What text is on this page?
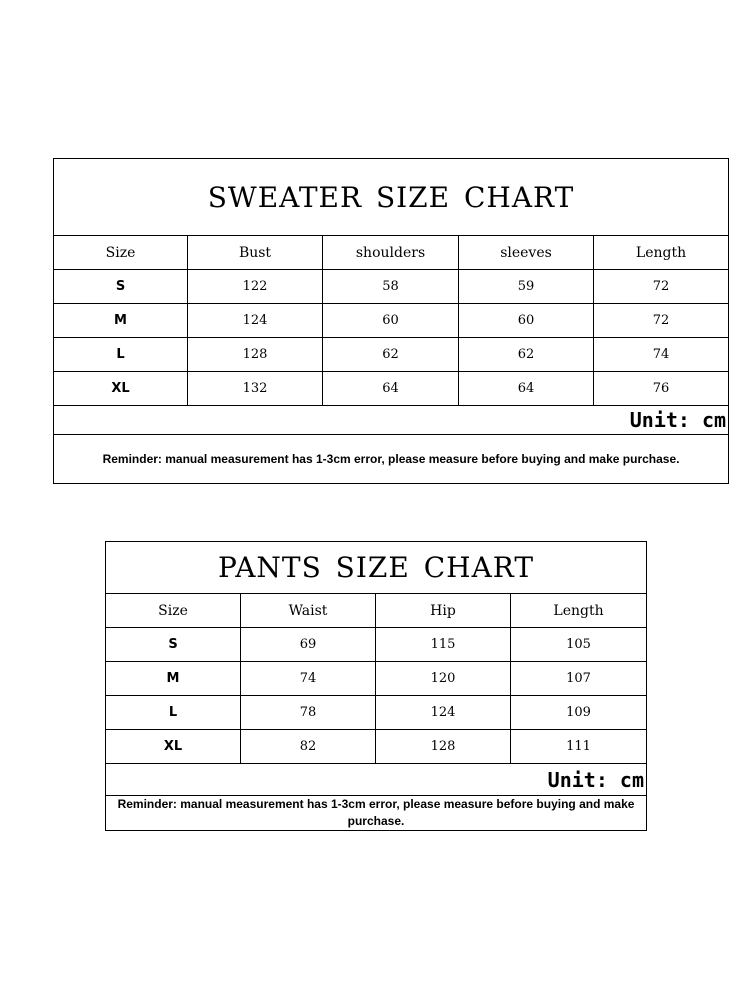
SWEATER SIZE CHART				
Size	Bust	shoulders	sleeves	Length
S	122	58	59	72
M	124	60	60	72
L	128	62	62	74
XL	132	64	64	76
Unit: cm				
Reminder: manual measurement has 1-3cm error, please measure before buying and make purchase.				
PANTS SIZE CHART			
Size	Waist	Hip	Length
S	69	115	105
M	74	120	107
L	78	124	109
XL	82	128	111
Unit: cm			
Reminder: manual measurement has 1-3cm error, please measure before buying and make purchase.			
